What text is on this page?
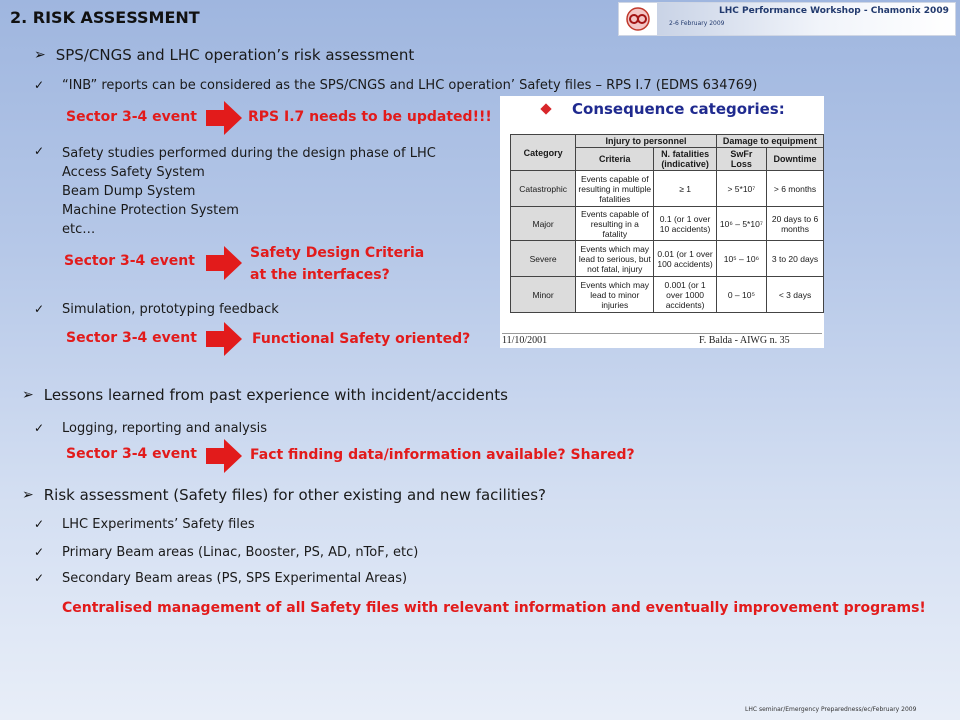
2. RISK ASSESSMENT	LHC Performance Workshop - Chamonix 2009
2-6 February 2009
➢ SPS/CNGS and LHC operation’s risk assessment
✓	“INB” reports can be considered as the SPS/CNGS and LHC operation’ Safety files – RPS I.7 (EDMS 634769)
Sector 3-4 event	RPS I.7 needs to be updated!!!
✓	Safety studies performed during the design phase of LHC
Access Safety System
Beam Dump System
Machine Protection System
etc…
Sector 3-4 event	Safety Design Criteria
at the interfaces?
✓	Simulation, prototyping feedback
Sector 3-4 event	Functional Safety oriented?
Consequence categories:
Category	Injury to personnel		Damage to equipment	
	Criteria	N. fatalities (indicative)	SwFr Loss	Downtime
Catastrophic	Events capable of resulting in multiple fatalities	≥ 1	> 5*10⁷	> 6 months
Major	Events capable of resulting in a fatality	0.1 (or 1 over 10 accidents)	10⁶ – 5*10⁷	20 days to 6 months
Severe	Events which may lead to serious, but not fatal, injury	0.01 (or 1 over 100 accidents)	10⁵ – 10⁶	3 to 20 days
Minor	Events which may lead to minor injuries	0.001 (or 1 over 1000 accidents)	0 – 10⁵	< 3 days
11/10/2001	F. Balda - AIWG n. 35
➢ Lessons learned from past experience with incident/accidents
✓	Logging, reporting and analysis
Sector 3-4 event	Fact finding data/information available? Shared?
➢ Risk assessment (Safety files) for other existing and new facilities?
✓	LHC Experiments’ Safety files
✓	Primary Beam areas (Linac, Booster, PS, AD, nToF, etc)
✓	Secondary Beam areas (PS, SPS Experimental Areas)
Centralised management of all Safety files with relevant information and eventually improvement programs!
LHC seminar/Emergency Preparedness/ec/February 2009
